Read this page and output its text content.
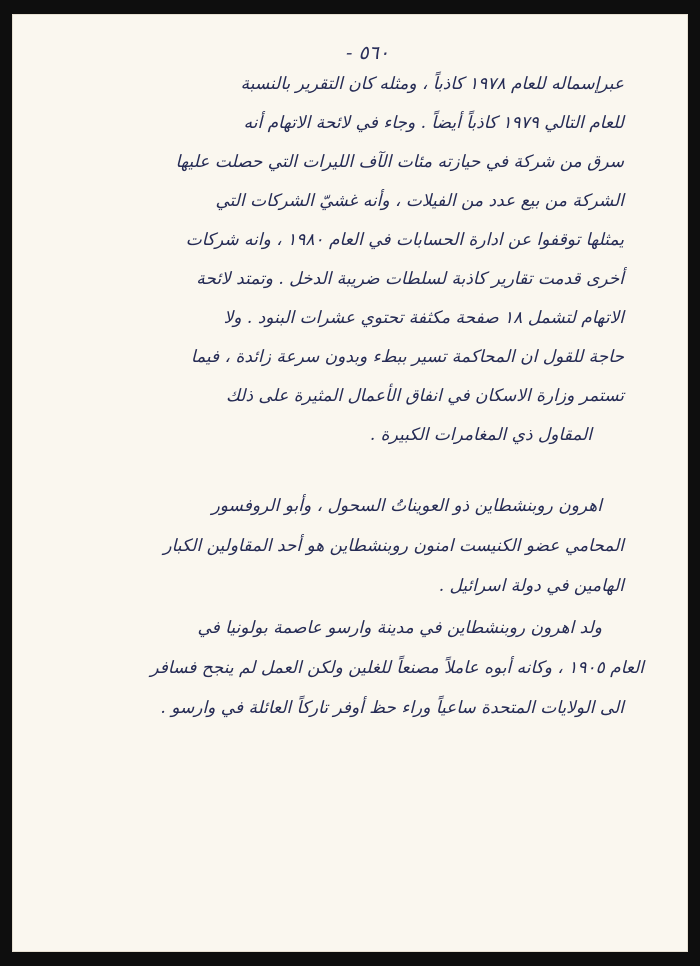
٥٦٠ -
عبرإسماله للعام ١٩٧٨ كاذباً ، ومثله كان التقرير بالنسبة
للعام التالي ١٩٧٩ كاذباً أيضاً . وجاء في لائحة الاتهام أنه
سرق من شركة في حيازته مئات الآف الليرات التي حصلت عليها
الشركة من بيع عدد من الفيلات ، وأنه غشيّ الشركات التي
يمثلها توقفوا عن ادارة الحسابات في العام ١٩٨٠ ، وانه شركات
أخرى قدمت تقارير كاذبة لسلطات ضريبة الدخل . وتمتد لائحة
الاتهام لتشمل ١٨ صفحة مكثفة تحتوي عشرات البنود . ولا
حاجة للقول ان المحاكمة تسير ببطء وبدون سرعة زائدة ، فيما
تستمر وزارة الاسكان في انفاق الأعمال المثيرة على ذلك
المقاول ذي المغامرات الكبيرة .
اهرون روبنشطاين ذو العويناتُ السحول ، وأبو الروفسور
المحامي عضو الكنيست امنون روبنشطاين هو أحد المقاولين الكبار
الهامين في دولة اسرائيل .
ولد اهرون روبنشطاين في مدينة وارسو عاصمة بولونيا في
العام ١٩٠٥ ، وكانه أبوه عاملاً مصنعاً للغلين ولكن العمل لم ينجح فسافر
الى الولايات المتحدة ساعياً وراء حظ أوفر تاركاً العائلة في وارسو .
